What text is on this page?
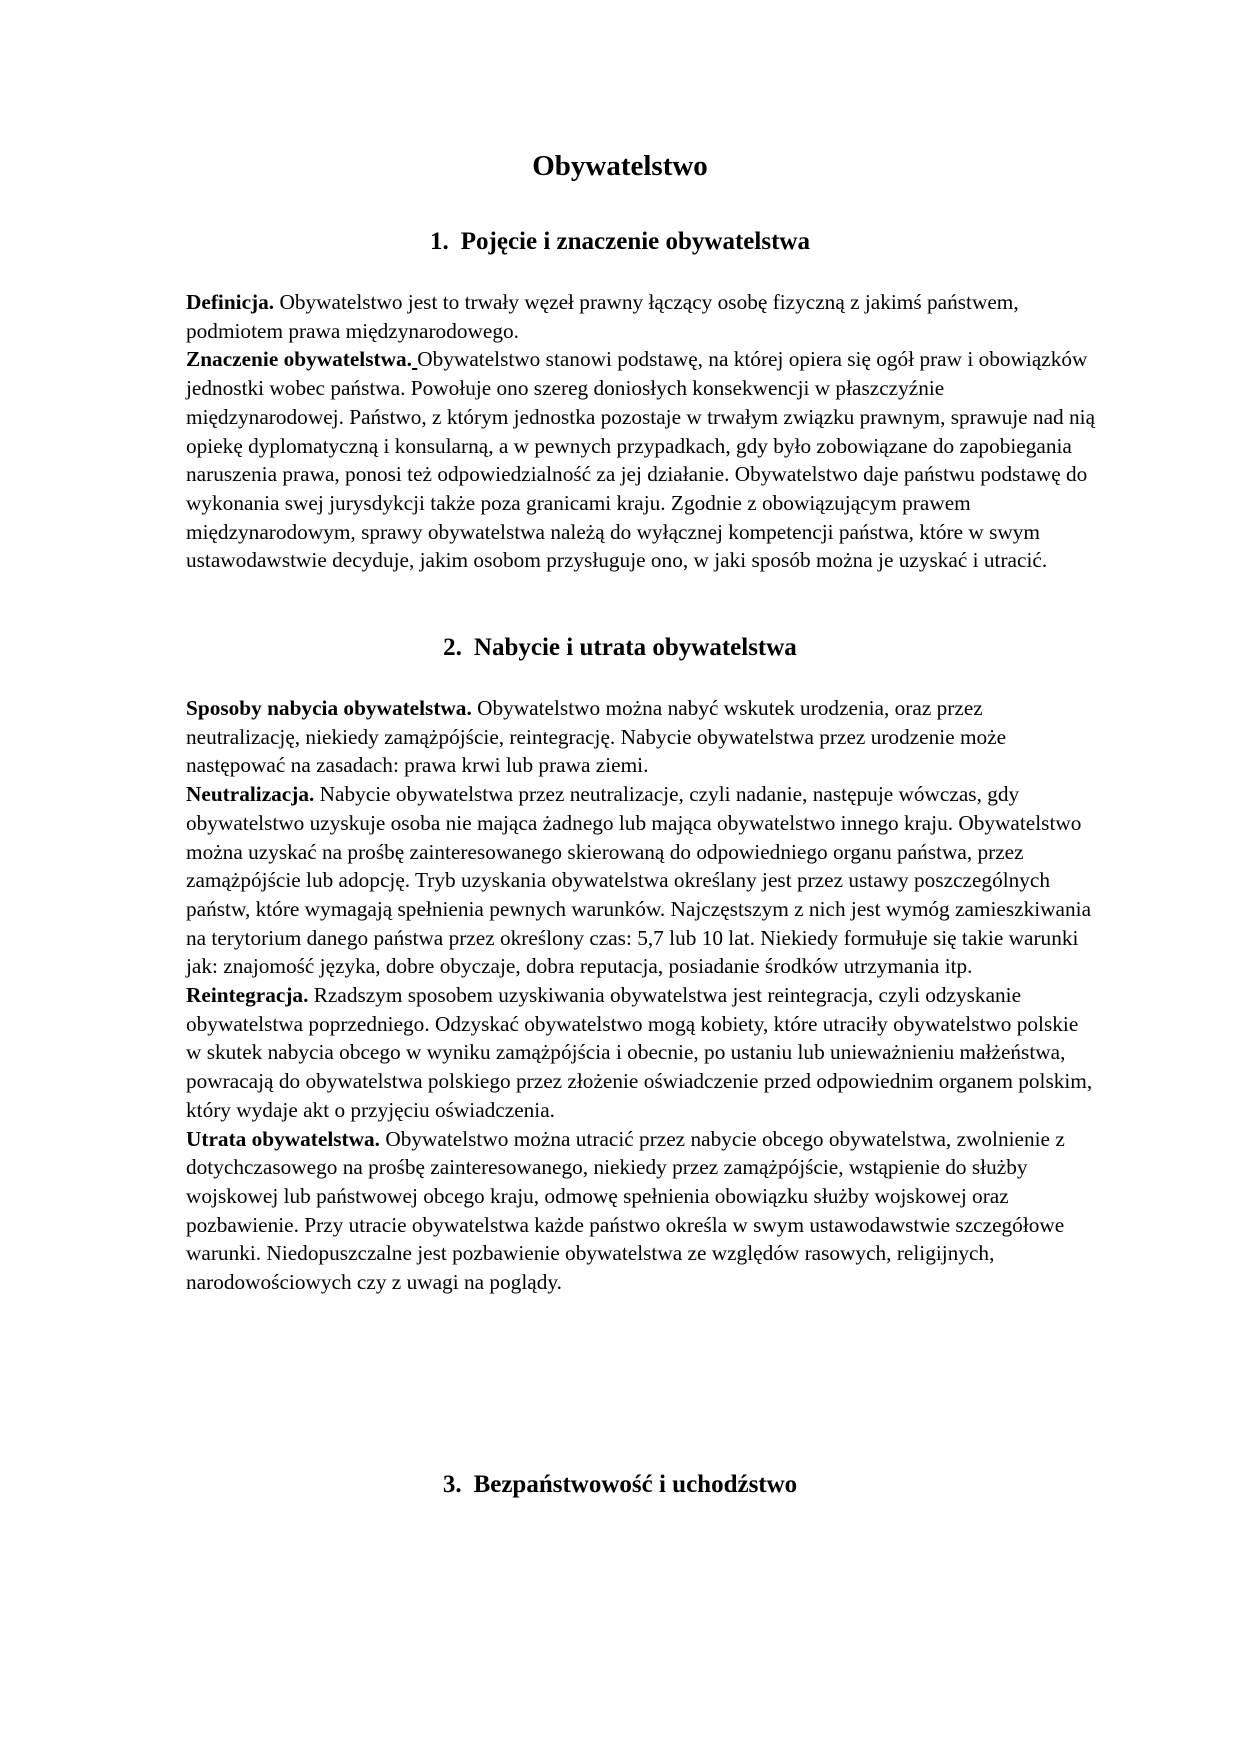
Obywatelstwo
1. Pojęcie i znaczenie obywatelstwa

Definicja. Obywatelstwo jest to trwały węzeł prawny łączący osobę fizyczną z jakimś państwem, podmiotem prawa międzynarodowego.

Znaczenie obywatelstwa. Obywatelstwo stanowi podstawę, na której opiera się ogół praw i obowiązków jednostki wobec państwa. Powołuje ono szereg doniosłych konsekwencji w płaszczyźnie międzynarodowej. Państwo, z którym jednostka pozostaje w trwałym związku prawnym, sprawuje nad nią opiekę dyplomatyczną i konsularną, a w pewnych przypadkach, gdy było zobowiązane do zapobiegania naruszenia prawa, ponosi też odpowiedzialność za jej działanie. Obywatelstwo daje państwu podstawę do wykonania swej jurysdykcji także poza granicami kraju. Zgodnie z obowiązującym prawem międzynarodowym, sprawy obywatelstwa należą do wyłącznej kompetencji państwa, które w swym ustawodawstwie decyduje, jakim osobom przysługuje ono, w jaki sposób można je uzyskać i utracić.

2. Nabycie i utrata obywatelstwa

Sposoby nabycia obywatelstwa. Obywatelstwo można nabyć wskutek urodzenia, oraz przez neutralizację, niekiedy zamążpójście, reintegrację. Nabycie obywatelstwa przez urodzenie może następować na zasadach: prawa krwi lub prawa ziemi.

Neutralizacja. Nabycie obywatelstwa przez neutralizacje, czyli nadanie, następuje wówczas, gdy obywatelstwo uzyskuje osoba nie mająca żadnego lub mająca obywatelstwo innego kraju. Obywatelstwo można uzyskać na prośbę zainteresowanego skierowaną do odpowiedniego organu państwa, przez zamążpójście lub adopcję. Tryb uzyskania obywatelstwa określany jest przez ustawy poszczególnych państw, które wymagają spełnienia pewnych warunków. Najczęstszym z nich jest wymóg zamieszkiwania na terytorium danego państwa przez określony czas: 5,7 lub 10 lat. Niekiedy formułuje się takie warunki jak: znajomość języka, dobre obyczaje, dobra reputacja, posiadanie środków utrzymania itp.

Reintegracja. Rzadszym sposobem uzyskiwania obywatelstwa jest reintegracja, czyli odzyskanie obywatelstwa poprzedniego. Odzyskać obywatelstwo mogą kobiety, które utraciły obywatelstwo polskie w skutek nabycia obcego w wyniku zamążpójścia i obecnie, po ustaniu lub unieważnieniu małżeństwa, powracają do obywatelstwa polskiego przez złożenie oświadczenie przed odpowiednim organem polskim, który wydaje akt o przyjęciu oświadczenia.

Utrata obywatelstwa. Obywatelstwo można utracić przez nabycie obcego obywatelstwa, zwolnienie z dotychczasowego na prośbę zainteresowanego, niekiedy przez zamążpójście, wstąpienie do służby wojskowej lub państwowej obcego kraju, odmowę spełnienia obowiązku służby wojskowej oraz pozbawienie. Przy utracie obywatelstwa każde państwo określa w swym ustawodawstwie szczegółowe warunki. Niedopuszczalne jest pozbawienie obywatelstwa ze względów rasowych, religijnych, narodowościowych czy z uwagi na poglądy.

3. Bezpaństwowość i uchodźstwo
